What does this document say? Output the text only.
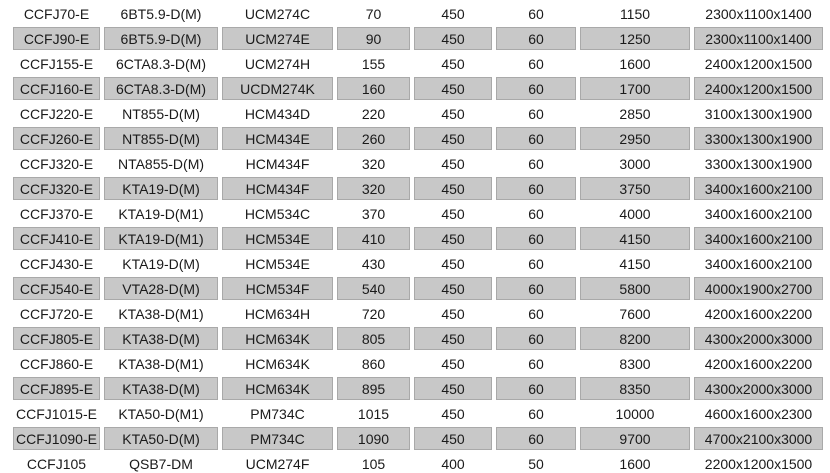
CCFJ70-E	6BT5.9-D(M)	UCM274C	70	450	60	1150	2300x1100x1400
CCFJ90-E	6BT5.9-D(M)	UCM274E	90	450	60	1250	2300x1100x1400
CCFJ155-E	6CTA8.3-D(M)	UCM274H	155	450	60	1600	2400x1200x1500
CCFJ160-E	6CTA8.3-D(M)	UCDM274K	160	450	60	1700	2400x1200x1500
CCFJ220-E	NT855-D(M)	HCM434D	220	450	60	2850	3100x1300x1900
CCFJ260-E	NT855-D(M)	HCM434E	260	450	60	2950	3300x1300x1900
CCFJ320-E	NTA855-D(M)	HCM434F	320	450	60	3000	3300x1300x1900
CCFJ320-E	KTA19-D(M)	HCM434F	320	450	60	3750	3400x1600x2100
CCFJ370-E	KTA19-D(M1)	HCM534C	370	450	60	4000	3400x1600x2100
CCFJ410-E	KTA19-D(M1)	HCM534E	410	450	60	4150	3400x1600x2100
CCFJ430-E	KTA19-D(M)	HCM534E	430	450	60	4150	3400x1600x2100
CCFJ540-E	VTA28-D(M)	HCM534F	540	450	60	5800	4000x1900x2700
CCFJ720-E	KTA38-D(M1)	HCM634H	720	450	60	7600	4200x1600x2200
CCFJ805-E	KTA38-D(M)	HCM634K	805	450	60	8200	4300x2000x3000
CCFJ860-E	KTA38-D(M1)	HCM634K	860	450	60	8300	4200x1600x2200
CCFJ895-E	KTA38-D(M)	HCM634K	895	450	60	8350	4300x2000x3000
CCFJ1015-E	KTA50-D(M1)	PM734C	1015	450	60	10000	4600x1600x2300
CCFJ1090-E	KTA50-D(M)	PM734C	1090	450	60	9700	4700x2100x3000
CCFJ105	QSB7-DM	UCM274F	105	400	50	1600	2200x1200x1500
